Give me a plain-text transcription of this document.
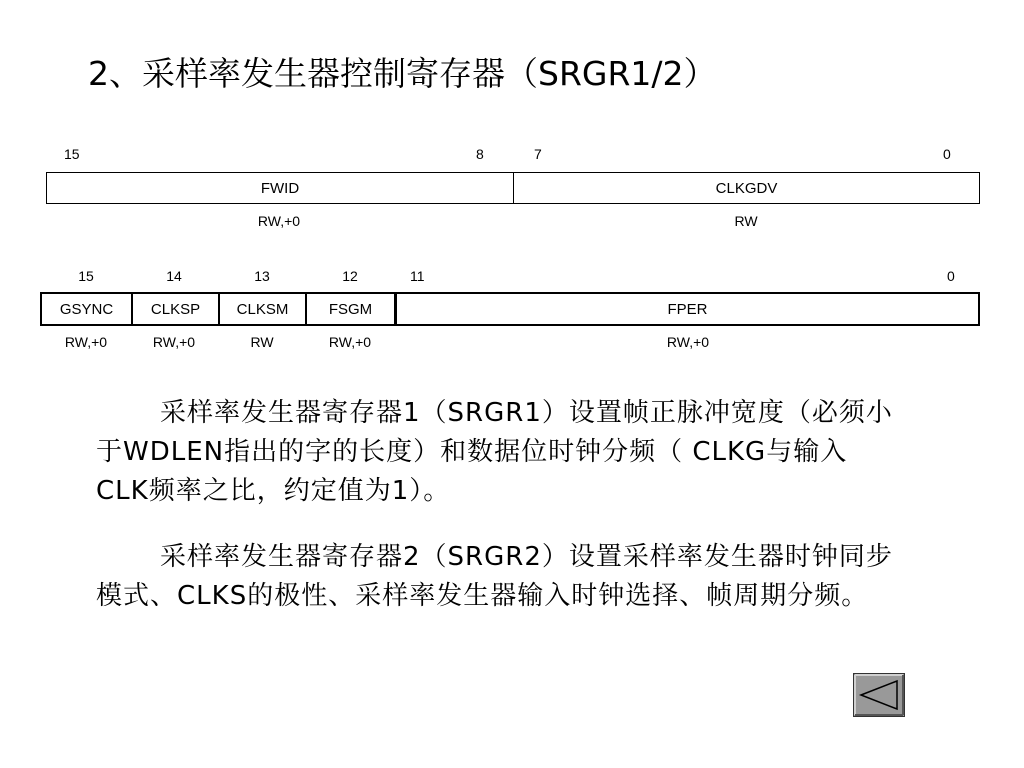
2、采样率发生器控制寄存器（SRGR1/2）
15	8	7	0
FWID	CLKGDV
RW,+0	RW
15	14	13	12	11	0
GSYNC	CLKSP	CLKSM	FSGM	FPER
RW,+0	RW,+0	RW	RW,+0	RW,+0

采样率发生器寄存器1（SRGR1）设置帧正脉冲宽度（必须小于WDLEN指出的字的长度）和数据位时钟分频（ CLKG与输入CLK频率之比，约定值为1）。

采样率发生器寄存器2（SRGR2）设置采样率发生器时钟同步模式、CLKS的极性、采样率发生器输入时钟选择、帧周期分频。
